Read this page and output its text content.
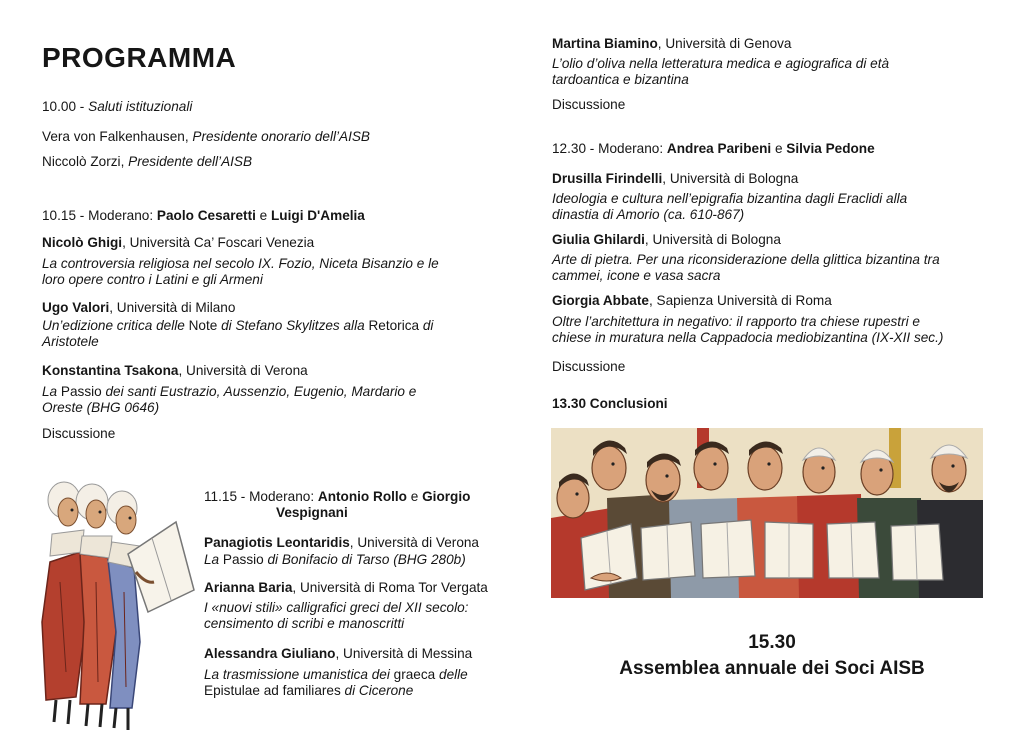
PROGRAMMA
10.00 - Saluti istituzionali
Vera von Falkenhausen, Presidente onorario dell’AISB
Niccolò Zorzi, Presidente dell’AISB
10.15 - Moderano: Paolo Cesaretti e Luigi D'Amelia
Nicolò Ghigi, Università Ca’ Foscari Venezia
La controversia religiosa nel secolo IX. Fozio, Niceta Bisanzio e le
loro opere contro i Latini e gli Armeni
Ugo Valori, Università di Milano
Un’edizione critica delle Note di Stefano Skylitzes alla Retorica di
Aristotele
Konstantina Tsakona, Università di Verona
La Passio dei santi Eustrazio, Aussenzio, Eugenio, Mardario e
Oreste (BHG 0646)
Discussione
11.15 - Moderano: Antonio Rollo e Giorgio
Vespignani
Panagiotis Leontaridis, Università di Verona
La Passio di Bonifacio di Tarso (BHG 280b)
Arianna Baria, Università di Roma Tor Vergata
I «nuovi stili» calligrafici greci del XII secolo:
censimento di scribi e manoscritti
Alessandra Giuliano, Università di Messina
La trasmissione umanistica dei graeca delle
Epistulae ad familiares di Cicerone
Martina Biamino, Università di Genova
L’olio d’oliva nella letteratura medica e agiografica di età
tardoantica e bizantina
Discussione
12.30 - Moderano: Andrea Paribeni e Silvia Pedone
Drusilla Firindelli, Università di Bologna
Ideologia e cultura nell’epigrafia bizantina dagli Eraclidi alla
dinastia di Amorio (ca. 610-867)
Giulia Ghilardi, Università di Bologna
Arte di pietra. Per una riconsiderazione della glittica bizantina tra
cammei, icone e vasa sacra
Giorgia Abbate, Sapienza Università di Roma
Oltre l’architettura in negativo: il rapporto tra chiese rupestri e
chiese in muratura nella Cappadocia mediobizantina (IX-XII sec.)
Discussione
13.30 Conclusioni
15.30
Assemblea annuale dei Soci AISB
